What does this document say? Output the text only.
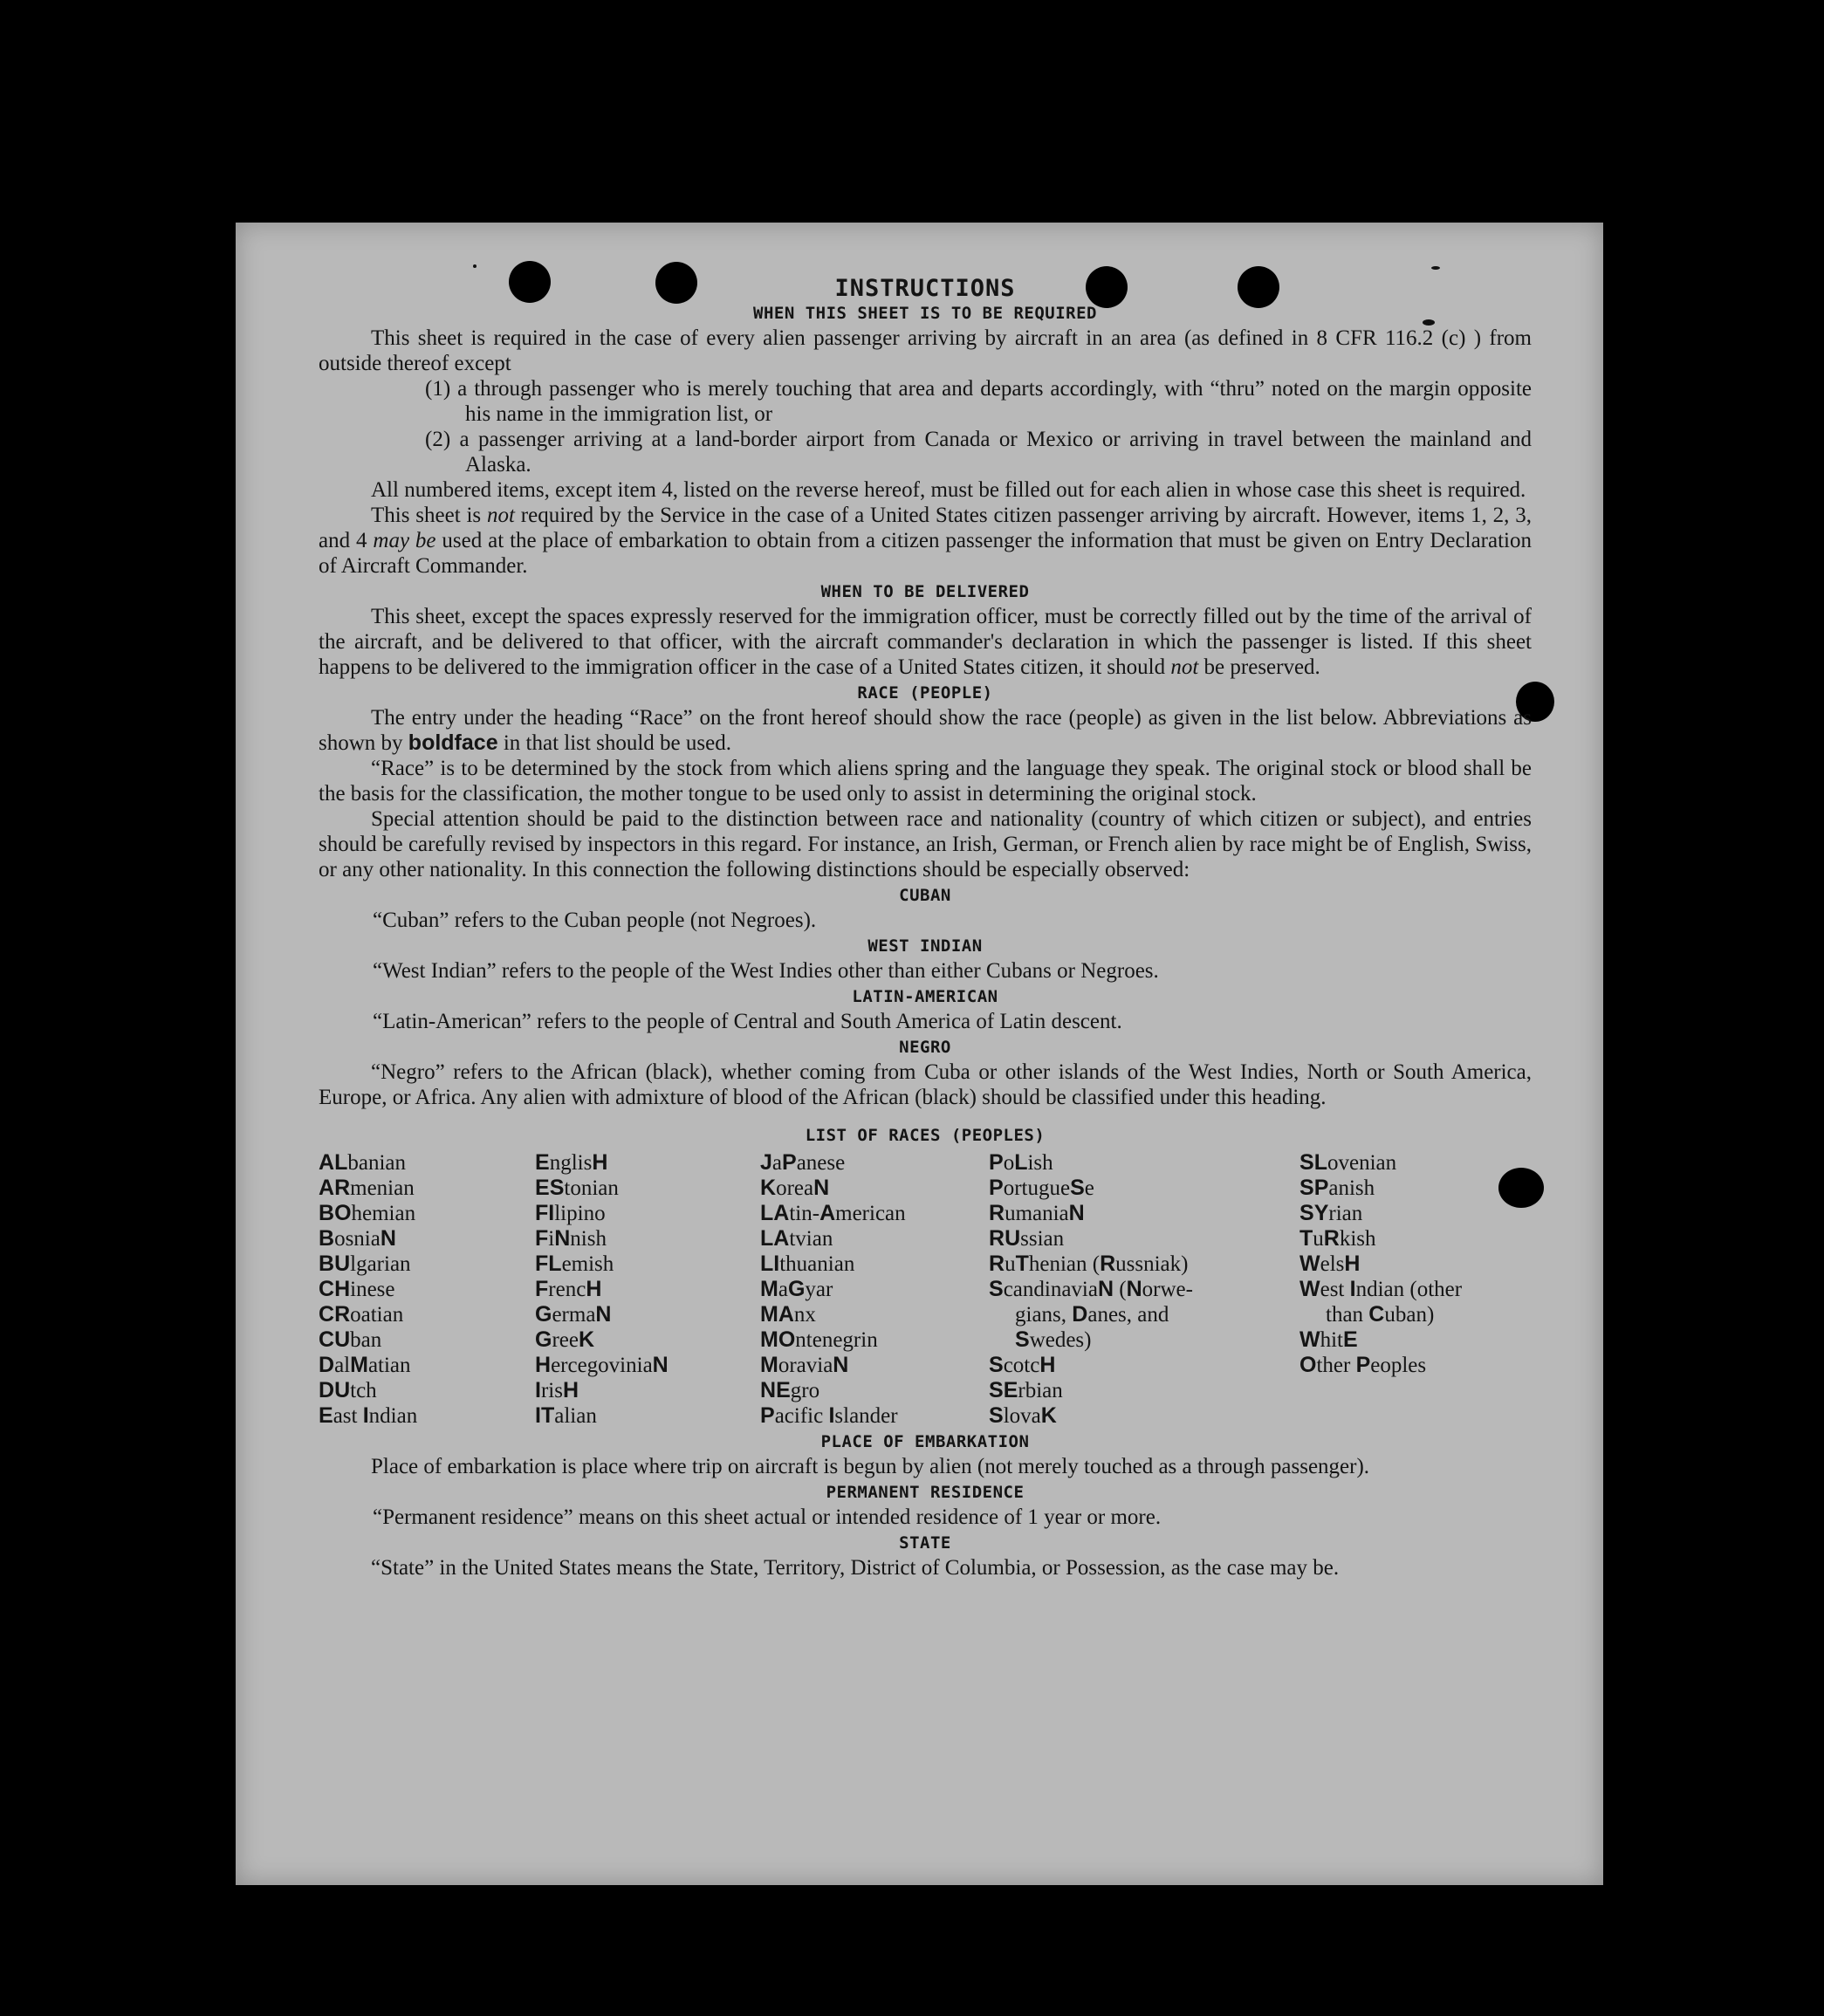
INSTRUCTIONS
WHEN THIS SHEET IS TO BE REQUIRED

This sheet is required in the case of every alien passenger arriving by aircraft in an area (as defined in 8 CFR 116.2 (c) ) from outside thereof except

(1) a through passenger who is merely touching that area and departs accordingly, with “thru” noted on the margin opposite his name in the immigration list, or

(2) a passenger arriving at a land-border airport from Canada or Mexico or arriving in travel between the mainland and Alaska.

All numbered items, except item 4, listed on the reverse hereof, must be filled out for each alien in whose case this sheet is required.

This sheet is not required by the Service in the case of a United States citizen passenger arriving by aircraft. However, items 1, 2, 3, and 4 may be used at the place of embarkation to obtain from a citizen passenger the information that must be given on Entry Declaration of Aircraft Commander.

WHEN TO BE DELIVERED

This sheet, except the spaces expressly reserved for the immigration officer, must be correctly filled out by the time of the arrival of the aircraft, and be delivered to that officer, with the aircraft commander's declaration in which the passenger is listed. If this sheet happens to be delivered to the immigration officer in the case of a United States citizen, it should not be preserved.

RACE (PEOPLE)

The entry under the heading “Race” on the front hereof should show the race (people) as given in the list below. Abbreviations as shown by boldface in that list should be used.

“Race” is to be determined by the stock from which aliens spring and the language they speak. The original stock or blood shall be the basis for the classification, the mother tongue to be used only to assist in determining the original stock.

Special attention should be paid to the distinction between race and nationality (country of which citizen or subject), and entries should be carefully revised by inspectors in this regard. For instance, an Irish, German, or French alien by race might be of English, Swiss, or any other nationality. In this connection the following distinctions should be especially observed:

CUBAN

“Cuban” refers to the Cuban people (not Negroes).

WEST INDIAN

“West Indian” refers to the people of the West Indies other than either Cubans or Negroes.

LATIN-AMERICAN

“Latin-American” refers to the people of Central and South America of Latin descent.

NEGRO

“Negro” refers to the African (black), whether coming from Cuba or other islands of the West Indies, North or South America, Europe, or Africa. Any alien with admixture of blood of the African (black) should be classified under this heading.

LIST OF RACES (PEOPLES)
ALbanian
ARmenian
BOhemian
BosniaN
BUlgarian
CHinese
CRoatian
CUban
DalMatian
DUtch
East Indian
EnglisH
EStonian
FIlipino
FiNnish
FLemish
FrencH
GermaN
GreeK
HercegoviniaN
IrisH
ITalian
JaPanese
KoreaN
LAtin-American
LAtvian
LIthuanian
MaGyar
MAnx
MOntenegrin
MoraviaN
NEgro
Pacific Islander
PoLish
PortugueSe
RumaniaN
RUssian
RuThenian (Russniak)
ScandinaviaN (Norwe-
gians, Danes, and
Swedes)
ScotcH
SErbian
SlovaK
SLovenian
SPanish
SYrian
TuRkish
WelsH
West Indian (other
than Cuban)
WhitE
Other Peoples
PLACE OF EMBARKATION

Place of embarkation is place where trip on aircraft is begun by alien (not merely touched as a through passenger).

PERMANENT RESIDENCE

“Permanent residence” means on this sheet actual or intended residence of 1 year or more.

STATE

“State” in the United States means the State, Territory, District of Columbia, or Possession, as the case may be.
